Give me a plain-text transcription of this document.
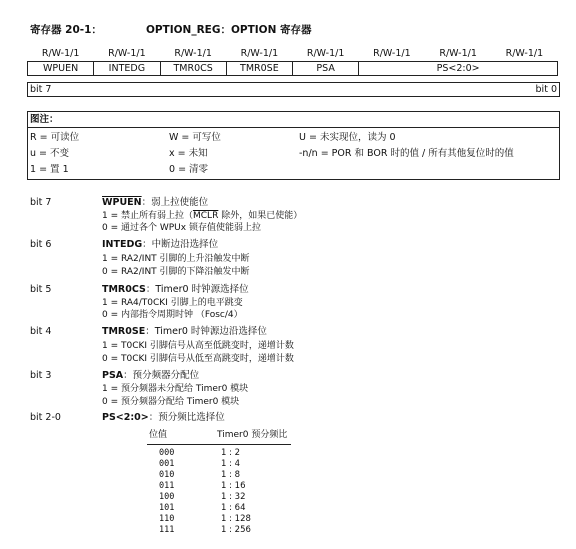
寄存器 20-1：	OPTION_REG：OPTION 寄存器
R/W-1/1	R/W-1/1	R/W-1/1	R/W-1/1	R/W-1/1	R/W-1/1	R/W-1/1	R/W-1/1
WPUEN	INTEDG	TMR0CS	TMR0SE	PSA	PS<2:0>		
bit 7	bit 0
图注：
R = 可读位	W = 可写位	U = 未实现位，读为 0
u = 不变	x = 未知	-n/n = POR 和 BOR 时的值 / 所有其他复位时的值
1 = 置 1	0 = 清零
bit 7	WPUEN：弱上拉使能位
1 = 禁止所有弱上拉（MCLR 除外，如果已使能）
0 = 通过各个 WPUx 锁存值使能弱上拉
bit 6	INTEDG：中断边沿选择位
1 = RA2/INT 引脚的上升沿触发中断
0 = RA2/INT 引脚的下降沿触发中断
bit 5	TMR0CS：Timer0 时钟源选择位
1 = RA4/T0CKI 引脚上的电平跳变
0 = 内部指令周期时钟 （Fosc/4）
bit 4	TMR0SE：Timer0 时钟源边沿选择位
1 = T0CKI 引脚信号从高至低跳变时，递增计数
0 = T0CKI 引脚信号从低至高跳变时，递增计数
bit 3	PSA：预分频器分配位
1 = 预分频器未分配给 Timer0 模块
0 = 预分频器分配给 Timer0 模块
bit 2-0	PS<2:0>：预分频比选择位
位值	Timer0 预分频比
000	1 : 2
001	1 : 4
010	1 : 8
011	1 : 16
100	1 : 32
101	1 : 64
110	1 : 128
111	1 : 256
